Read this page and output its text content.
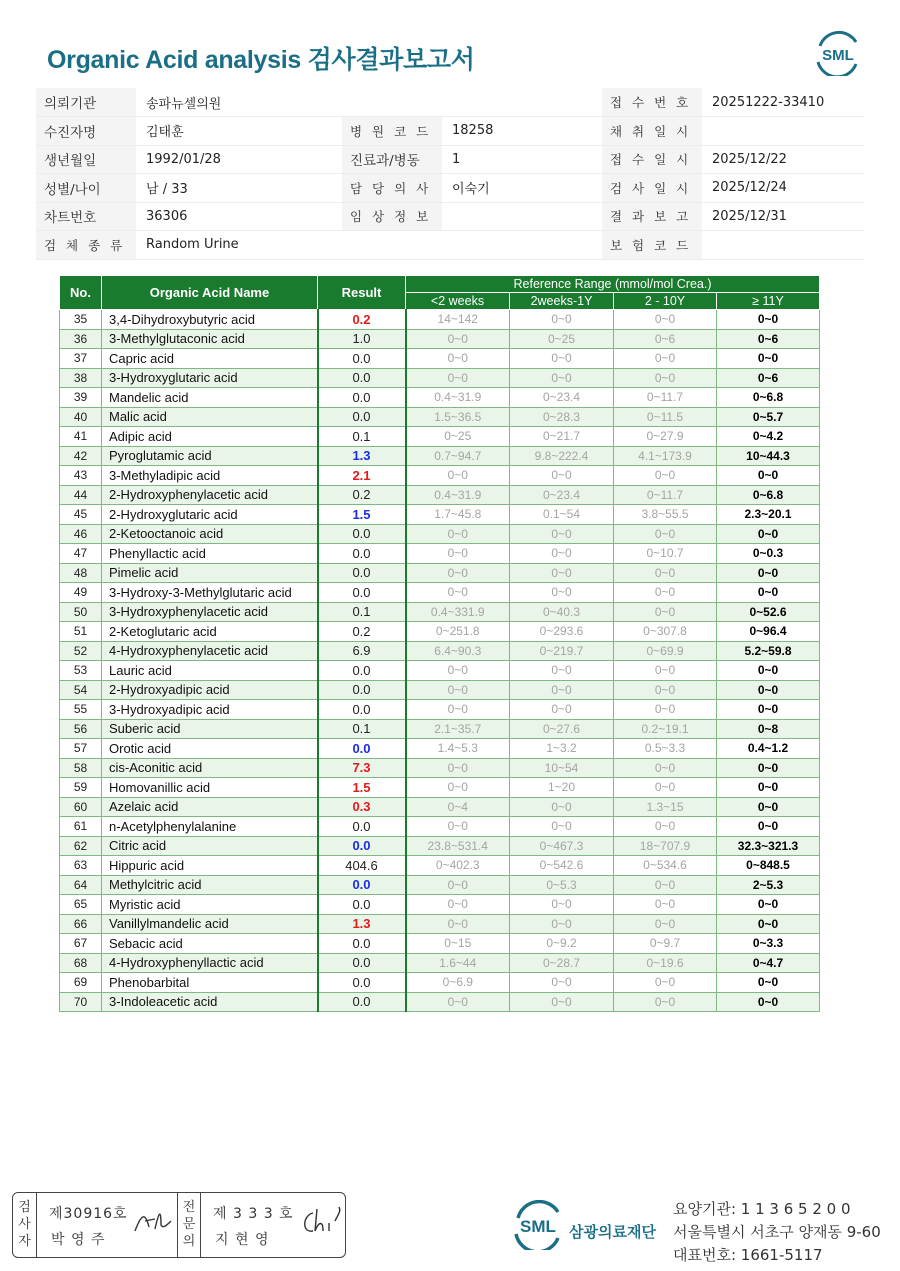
Organic Acid analysis 검사결과보고서	SML
의뢰기관	송파뉴셀의원			접 수 번 호	20251222-33410
수진자명	김태훈	병 원 코 드	18258	채 취 일 시	
생년월일	1992/01/28	진료과/병동	1	접 수 일 시	2025/12/22
성별/나이	남 / 33	담 당 의 사	이숙기	검 사 일 시	2025/12/24
차트번호	36306	임 상 정 보		결 과 보 고	2025/12/31
검 체 종 류	Random Urine			보 험 코 드	
No.	Organic Acid Name	Result	Reference Range (mmol/mol Crea.)			
			<2 weeks	2weeks-1Y	2 - 10Y	≥ 11Y
35	3,4-Dihydroxybutyric acid	0.2	14~142	0~0	0~0	0~0
36	3-Methylglutaconic acid	1.0	0~0	0~25	0~6	0~6
37	Capric acid	0.0	0~0	0~0	0~0	0~0
38	3-Hydroxyglutaric acid	0.0	0~0	0~0	0~0	0~6
39	Mandelic acid	0.0	0.4~31.9	0~23.4	0~11.7	0~6.8
40	Malic acid	0.0	1.5~36.5	0~28.3	0~11.5	0~5.7
41	Adipic acid	0.1	0~25	0~21.7	0~27.9	0~4.2
42	Pyroglutamic acid	1.3	0.7~94.7	9.8~222.4	4.1~173.9	10~44.3
43	3-Methyladipic acid	2.1	0~0	0~0	0~0	0~0
44	2-Hydroxyphenylacetic acid	0.2	0.4~31.9	0~23.4	0~11.7	0~6.8
45	2-Hydroxyglutaric acid	1.5	1.7~45.8	0.1~54	3.8~55.5	2.3~20.1
46	2-Ketooctanoic acid	0.0	0~0	0~0	0~0	0~0
47	Phenyllactic acid	0.0	0~0	0~0	0~10.7	0~0.3
48	Pimelic acid	0.0	0~0	0~0	0~0	0~0
49	3-Hydroxy-3-Methylglutaric acid	0.0	0~0	0~0	0~0	0~0
50	3-Hydroxyphenylacetic acid	0.1	0.4~331.9	0~40.3	0~0	0~52.6
51	2-Ketoglutaric acid	0.2	0~251.8	0~293.6	0~307.8	0~96.4
52	4-Hydroxyphenylacetic acid	6.9	6.4~90.3	0~219.7	0~69.9	5.2~59.8
53	Lauric acid	0.0	0~0	0~0	0~0	0~0
54	2-Hydroxyadipic acid	0.0	0~0	0~0	0~0	0~0
55	3-Hydroxyadipic acid	0.0	0~0	0~0	0~0	0~0
56	Suberic acid	0.1	2.1~35.7	0~27.6	0.2~19.1	0~8
57	Orotic acid	0.0	1.4~5.3	1~3.2	0.5~3.3	0.4~1.2
58	cis-Aconitic acid	7.3	0~0	10~54	0~0	0~0
59	Homovanillic acid	1.5	0~0	1~20	0~0	0~0
60	Azelaic acid	0.3	0~4	0~0	1.3~15	0~0
61	n-Acetylphenylalanine	0.0	0~0	0~0	0~0	0~0
62	Citric acid	0.0	23.8~531.4	0~467.3	18~707.9	32.3~321.3
63	Hippuric acid	404.6	0~402.3	0~542.6	0~534.6	0~848.5
64	Methylcitric acid	0.0	0~0	0~5.3	0~0	2~5.3
65	Myristic acid	0.0	0~0	0~0	0~0	0~0
66	Vanillylmandelic acid	1.3	0~0	0~0	0~0	0~0
67	Sebacic acid	0.0	0~15	0~9.2	0~9.7	0~3.3
68	4-Hydroxyphenyllactic acid	0.0	1.6~44	0~28.7	0~19.6	0~4.7
69	Phenobarbital	0.0	0~6.9	0~0	0~0	0~0
70	3-Indoleacetic acid	0.0	0~0	0~0	0~0	0~0
검
사
자
제30916호
박 영 주
전
문
의
제 3 3 3 호
지 현 영
SML 삼광의료재단
요양기관: 1 1 3 6 5 2 0 0
서울특별시 서초구 양재동 9-60
대표번호: 1661-5117
